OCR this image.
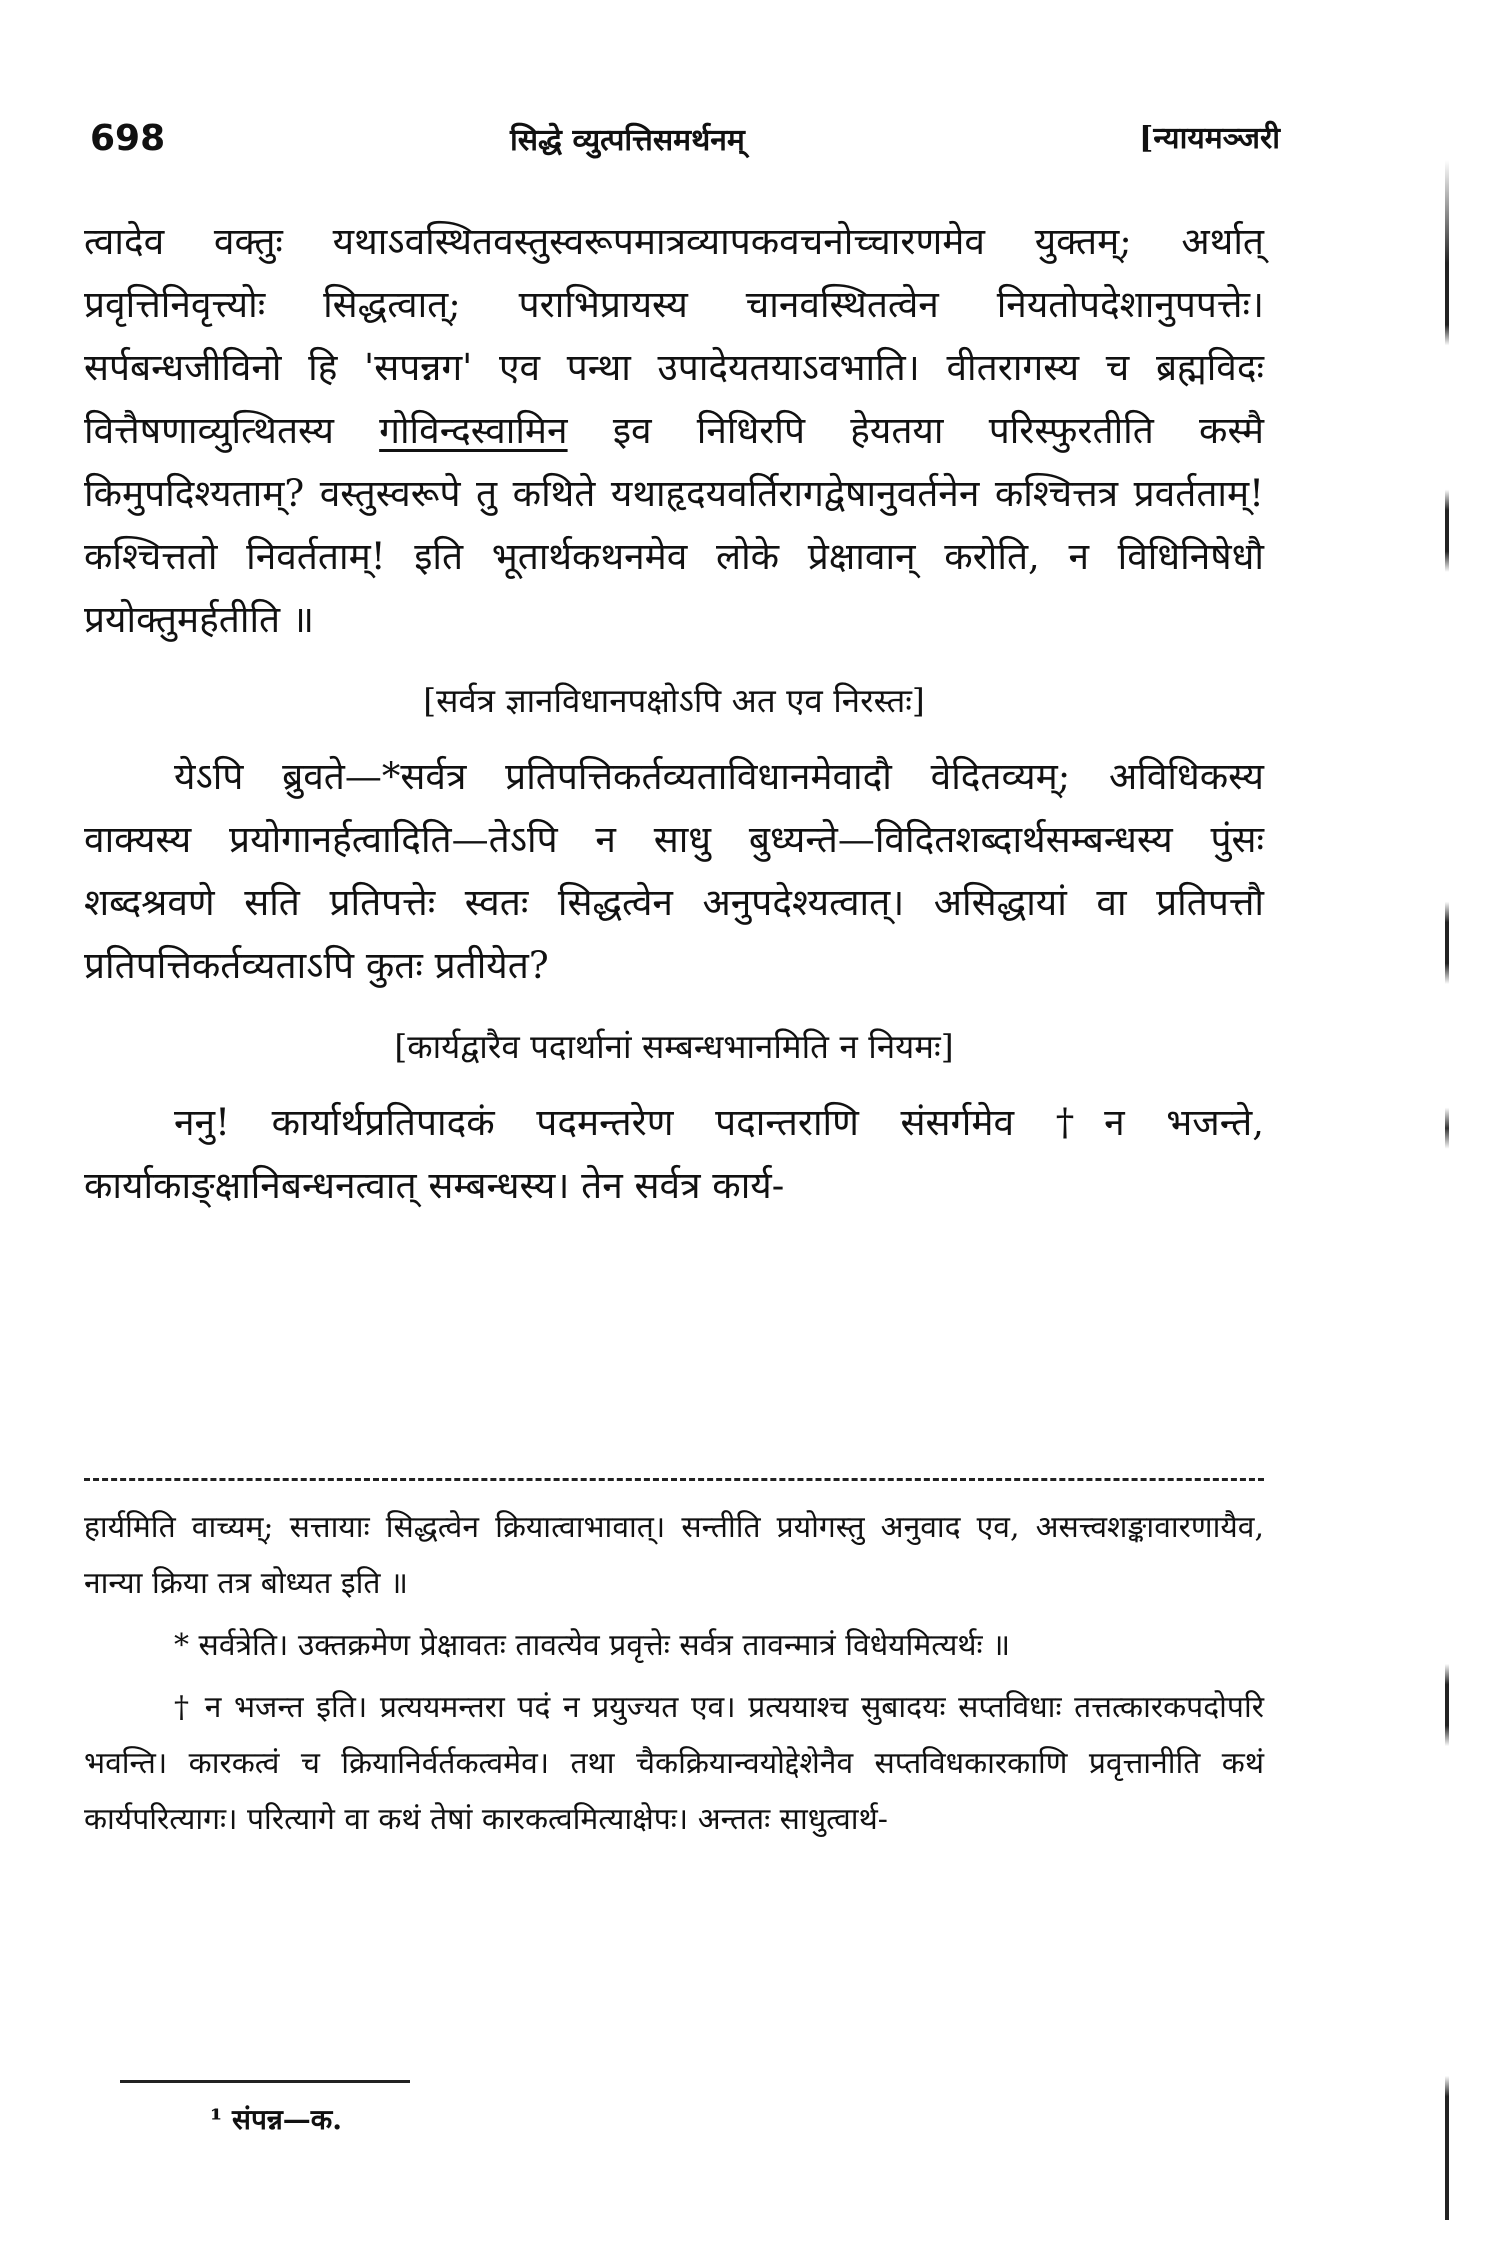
698	सिद्धे व्युत्पत्तिसमर्थनम्	[न्यायमञ्जरी

त्वादेव वक्तुः यथाऽवस्थितवस्तुस्वरूपमात्रव्यापकवचनोच्चारणमेव युक्तम्; अर्थात् प्रवृत्तिनिवृत्त्योः सिद्धत्वात्; पराभिप्रायस्य चानवस्थितत्वेन नियतोपदेशानुपपत्तेः। सर्पबन्धजीविनो हि 'सपन्नग' एव पन्था उपादेयतयाऽवभाति। वीतरागस्य च ब्रह्मविदः वित्तैषणाव्युत्थितस्य गोविन्दस्वामिन इव निधिरपि हेयतया परिस्फुरतीति कस्मै किमुपदिश्यताम्? वस्तुस्वरूपे तु कथिते यथाहृदयवर्तिरागद्वेषानुवर्तनेन कश्चित्तत्र प्रवर्तताम्! कश्चित्ततो निवर्तताम्! इति भूतार्थकथनमेव लोके प्रेक्षावान् करोति, न विधिनिषेधौ प्रयोक्तुमर्हतीति ॥

[सर्वत्र ज्ञानविधानपक्षोऽपि अत एव निरस्तः]

येऽपि ब्रुवते—*सर्वत्र प्रतिपत्तिकर्तव्यताविधानमेवादौ वेदितव्यम्; अविधिकस्य वाक्यस्य प्रयोगानर्हत्वादिति—तेऽपि न साधु बुध्यन्ते—विदितशब्दार्थसम्बन्धस्य पुंसः शब्दश्रवणे सति प्रतिपत्तेः स्वतः सिद्धत्वेन अनुपदेश्यत्वात्। असिद्धायां वा प्रतिपत्तौ प्रतिपत्तिकर्तव्यताऽपि कुतः प्रतीयेत?

[कार्यद्वारैव पदार्थानां सम्बन्धभानमिति न नियमः]

ननु! कार्यार्थप्रतिपादकं पदमन्तरेण पदान्तराणि संसर्गमेव †न भजन्ते, कार्याकाङ्क्षानिबन्धनत्वात् सम्बन्धस्य। तेन सर्वत्र कार्य-

हार्यमिति वाच्यम्; सत्तायाः सिद्धत्वेन क्रियात्वाभावात्। सन्तीति प्रयोगस्तु अनुवाद एव, असत्त्वशङ्कावारणायैव, नान्या क्रिया तत्र बोध्यत इति ॥

* सर्वत्रेति। उक्तक्रमेण प्रेक्षावतः तावत्येव प्रवृत्तेः सर्वत्र तावन्मात्रं विधेयमित्यर्थः ॥

† न भजन्त इति। प्रत्ययमन्तरा पदं न प्रयुज्यत एव। प्रत्ययाश्च सुबादयः सप्तविधाः तत्तत्कारकपदोपरि भवन्ति। कारकत्वं च क्रियानिर्वर्तकत्वमेव। तथा चैकक्रियान्वयोद्देशेनैव सप्तविधकारकाणि प्रवृत्तानीति कथं कार्यपरित्यागः। परित्यागे वा कथं तेषां कारकत्वमित्याक्षेपः। अन्ततः साधुत्वार्थ-

¹ संपन्न—क.
